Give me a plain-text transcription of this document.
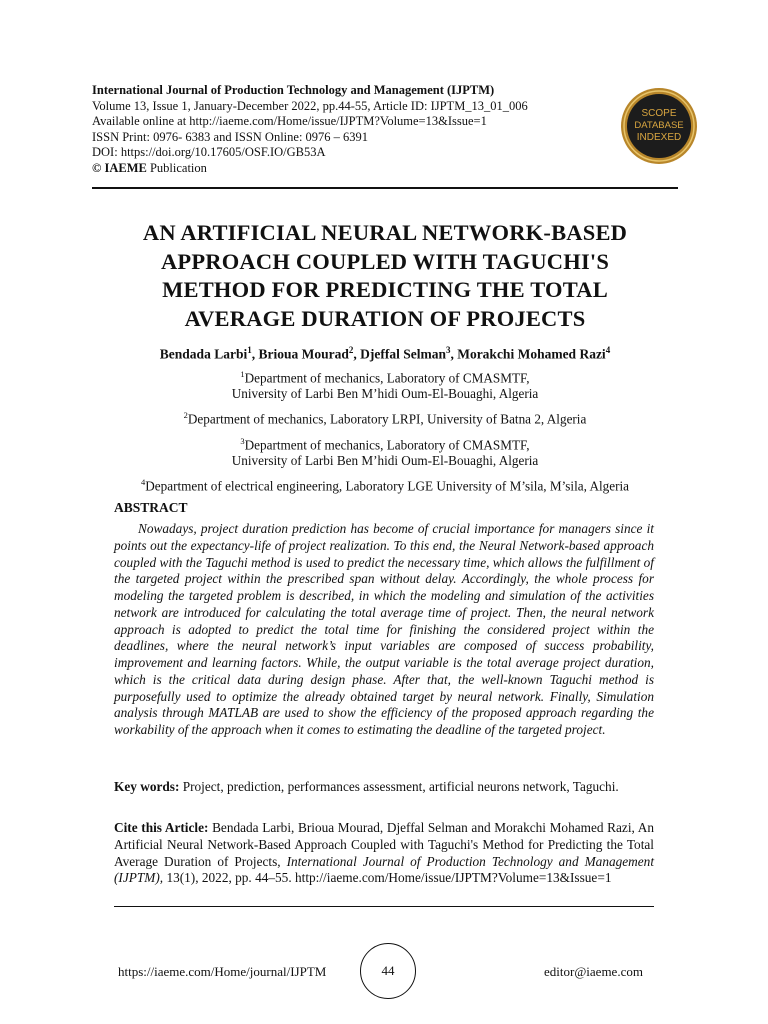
International Journal of Production Technology and Management (IJPTM)
Volume 13, Issue 1, January-December 2022, pp.44-55, Article ID: IJPTM_13_01_006
Available online at http://iaeme.com/Home/issue/IJPTM?Volume=13&Issue=1
ISSN Print: 0976- 6383 and ISSN Online: 0976 – 6391
DOI: https://doi.org/10.17605/OSF.IO/GB53A
© IAEME Publication
SCOPE
DATABASE
INDEXED
AN ARTIFICIAL NEURAL NETWORK-BASED
APPROACH COUPLED WITH TAGUCHI'S
METHOD FOR PREDICTING THE TOTAL
AVERAGE DURATION OF PROJECTS
Bendada Larbi$^1$, Brioua Mourad$^2$, Djeffal Selman$^3$, Morakchi Mohamed Razi$^4$
$^1$Department of mechanics, Laboratory of CMASMTF,
University of Larbi Ben M’hidi Oum-El-Bouaghi, Algeria
$^2$Department of mechanics, Laboratory LRPI, University of Batna 2, Algeria
$^3$Department of mechanics, Laboratory of CMASMTF,
University of Larbi Ben M’hidi Oum-El-Bouaghi, Algeria
$^4$Department of electrical engineering, Laboratory LGE University of M’sila, M’sila, Algeria
ABSTRACT
Nowadays, project duration prediction has become of crucial importance for managers since it points out the expectancy-life of project realization. To this end, the Neural Network-based approach coupled with the Taguchi method is used to predict the necessary time, which allows the fulfillment of the targeted project within the prescribed span without delay. Accordingly, the whole process for modeling the targeted problem is described, in which the modeling and simulation of the activities network are introduced for calculating the total average time of project. Then, the neural network approach is adopted to predict the total time for finishing the considered project within the deadlines, where the neural network’s input variables are composed of success probability, improvement and learning factors. While, the output variable is the total average project duration, which is the critical data during design phase. After that, the well-known Taguchi method is purposefully used to optimize the already obtained target by neural network. Finally, Simulation analysis through MATLAB are used to show the efficiency of the proposed approach regarding the workability of the approach when it comes to estimating the deadline of the targeted project.
Key words: Project, prediction, performances assessment, artificial neurons network, Taguchi.
Cite this Article: Bendada Larbi, Brioua Mourad, Djeffal Selman and Morakchi Mohamed Razi, An Artificial Neural Network-Based Approach Coupled with Taguchi's Method for Predicting the Total Average Duration of Projects, International Journal of Production Technology and Management (IJPTM), 13(1), 2022, pp. 44–55. http://iaeme.com/Home/issue/IJPTM?Volume=13&Issue=1
https://iaeme.com/Home/journal/IJPTM	44	editor@iaeme.com
